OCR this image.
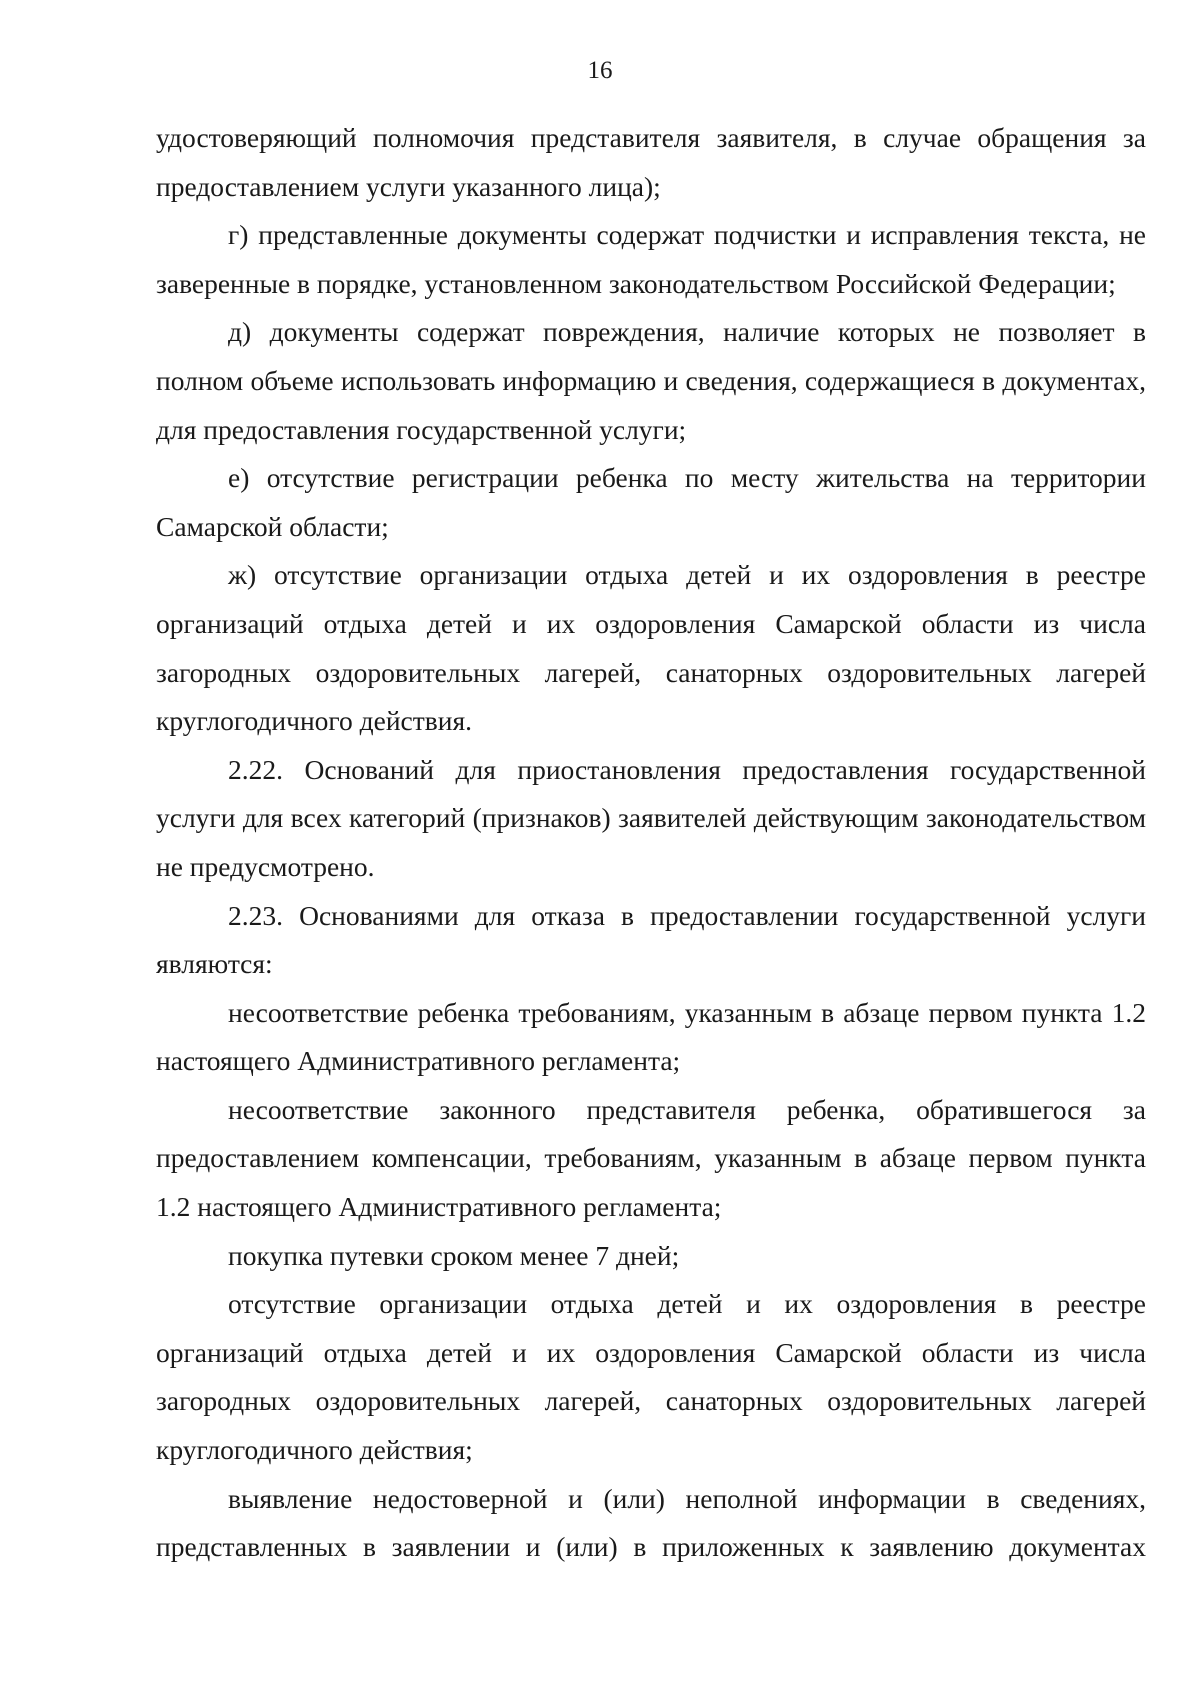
16

удостоверяющий полномочия представителя заявителя, в случае обращения за предоставлением услуги указанного лица);

г) представленные документы содержат подчистки и исправления текста, не заверенные в порядке, установленном законодательством Российской Федерации;

д) документы содержат повреждения, наличие которых не позволяет в полном объеме использовать информацию и сведения, содержащиеся в документах, для предоставления государственной услуги;

е) отсутствие регистрации ребенка по месту жительства на территории Самарской области;

ж) отсутствие организации отдыха детей и их оздоровления в реестре организаций отдыха детей и их оздоровления Самарской области из числа загородных оздоровительных лагерей, санаторных оздоровительных лагерей круглогодичного действия.

2.22. Оснований для приостановления предоставления государственной услуги для всех категорий (признаков) заявителей действующим законодательством не предусмотрено.

2.23. Основаниями для отказа в предоставлении государственной услуги являются:

несоответствие ребенка требованиям, указанным в абзаце первом пункта 1.2 настоящего Административного регламента;

несоответствие законного представителя ребенка, обратившегося за предоставлением компенсации, требованиям, указанным в абзаце первом пункта 1.2 настоящего Административного регламента;

покупка путевки сроком менее 7 дней;

отсутствие организации отдыха детей и их оздоровления в реестре организаций отдыха детей и их оздоровления Самарской области из числа загородных оздоровительных лагерей, санаторных оздоровительных лагерей круглогодичного действия;

выявление недостоверной и (или) неполной информации в сведениях, представленных в заявлении и (или) в приложенных к заявлению документах
